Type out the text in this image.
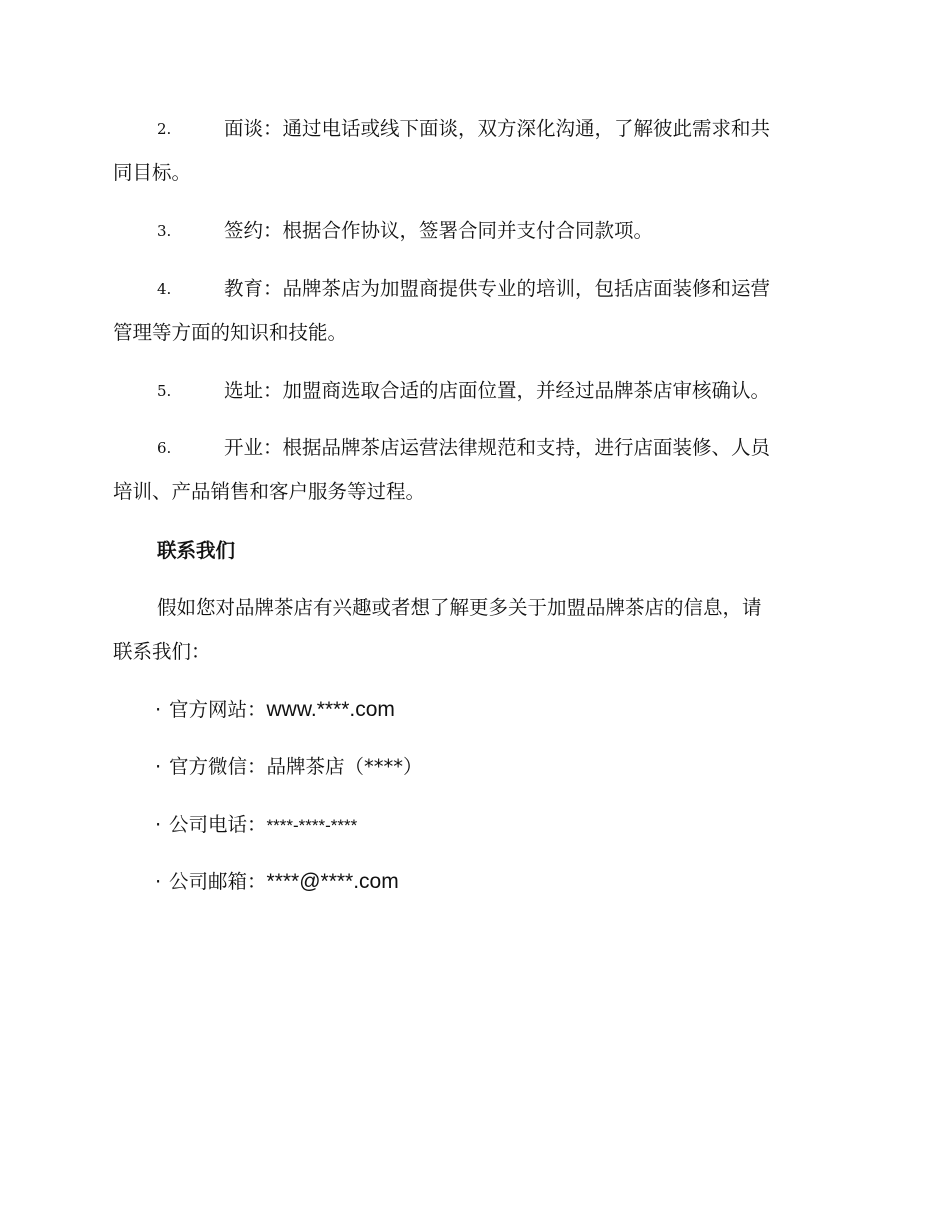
2.	面谈：通过电话或线下面谈，双方深化沟通，了解彼此需求和共
同目标。
3.	签约：根据合作协议，签署合同并支付合同款项。
4.	教育：品牌茶店为加盟商提供专业的培训，包括店面装修和运营
管理等方面的知识和技能。
5.	选址：加盟商选取合适的店面位置，并经过品牌茶店审核确认。
6.	开业：根据品牌茶店运营法律规范和支持，进行店面装修、人员
培训、产品销售和客户服务等过程。
联系我们
假如您对品牌茶店有兴趣或者想了解更多关于加盟品牌茶店的信息，请
联系我们：
· 官方网站：www.****.com
· 官方微信：品牌茶店（****）
· 公司电话：****-****-****
· 公司邮箱：****@****.com
